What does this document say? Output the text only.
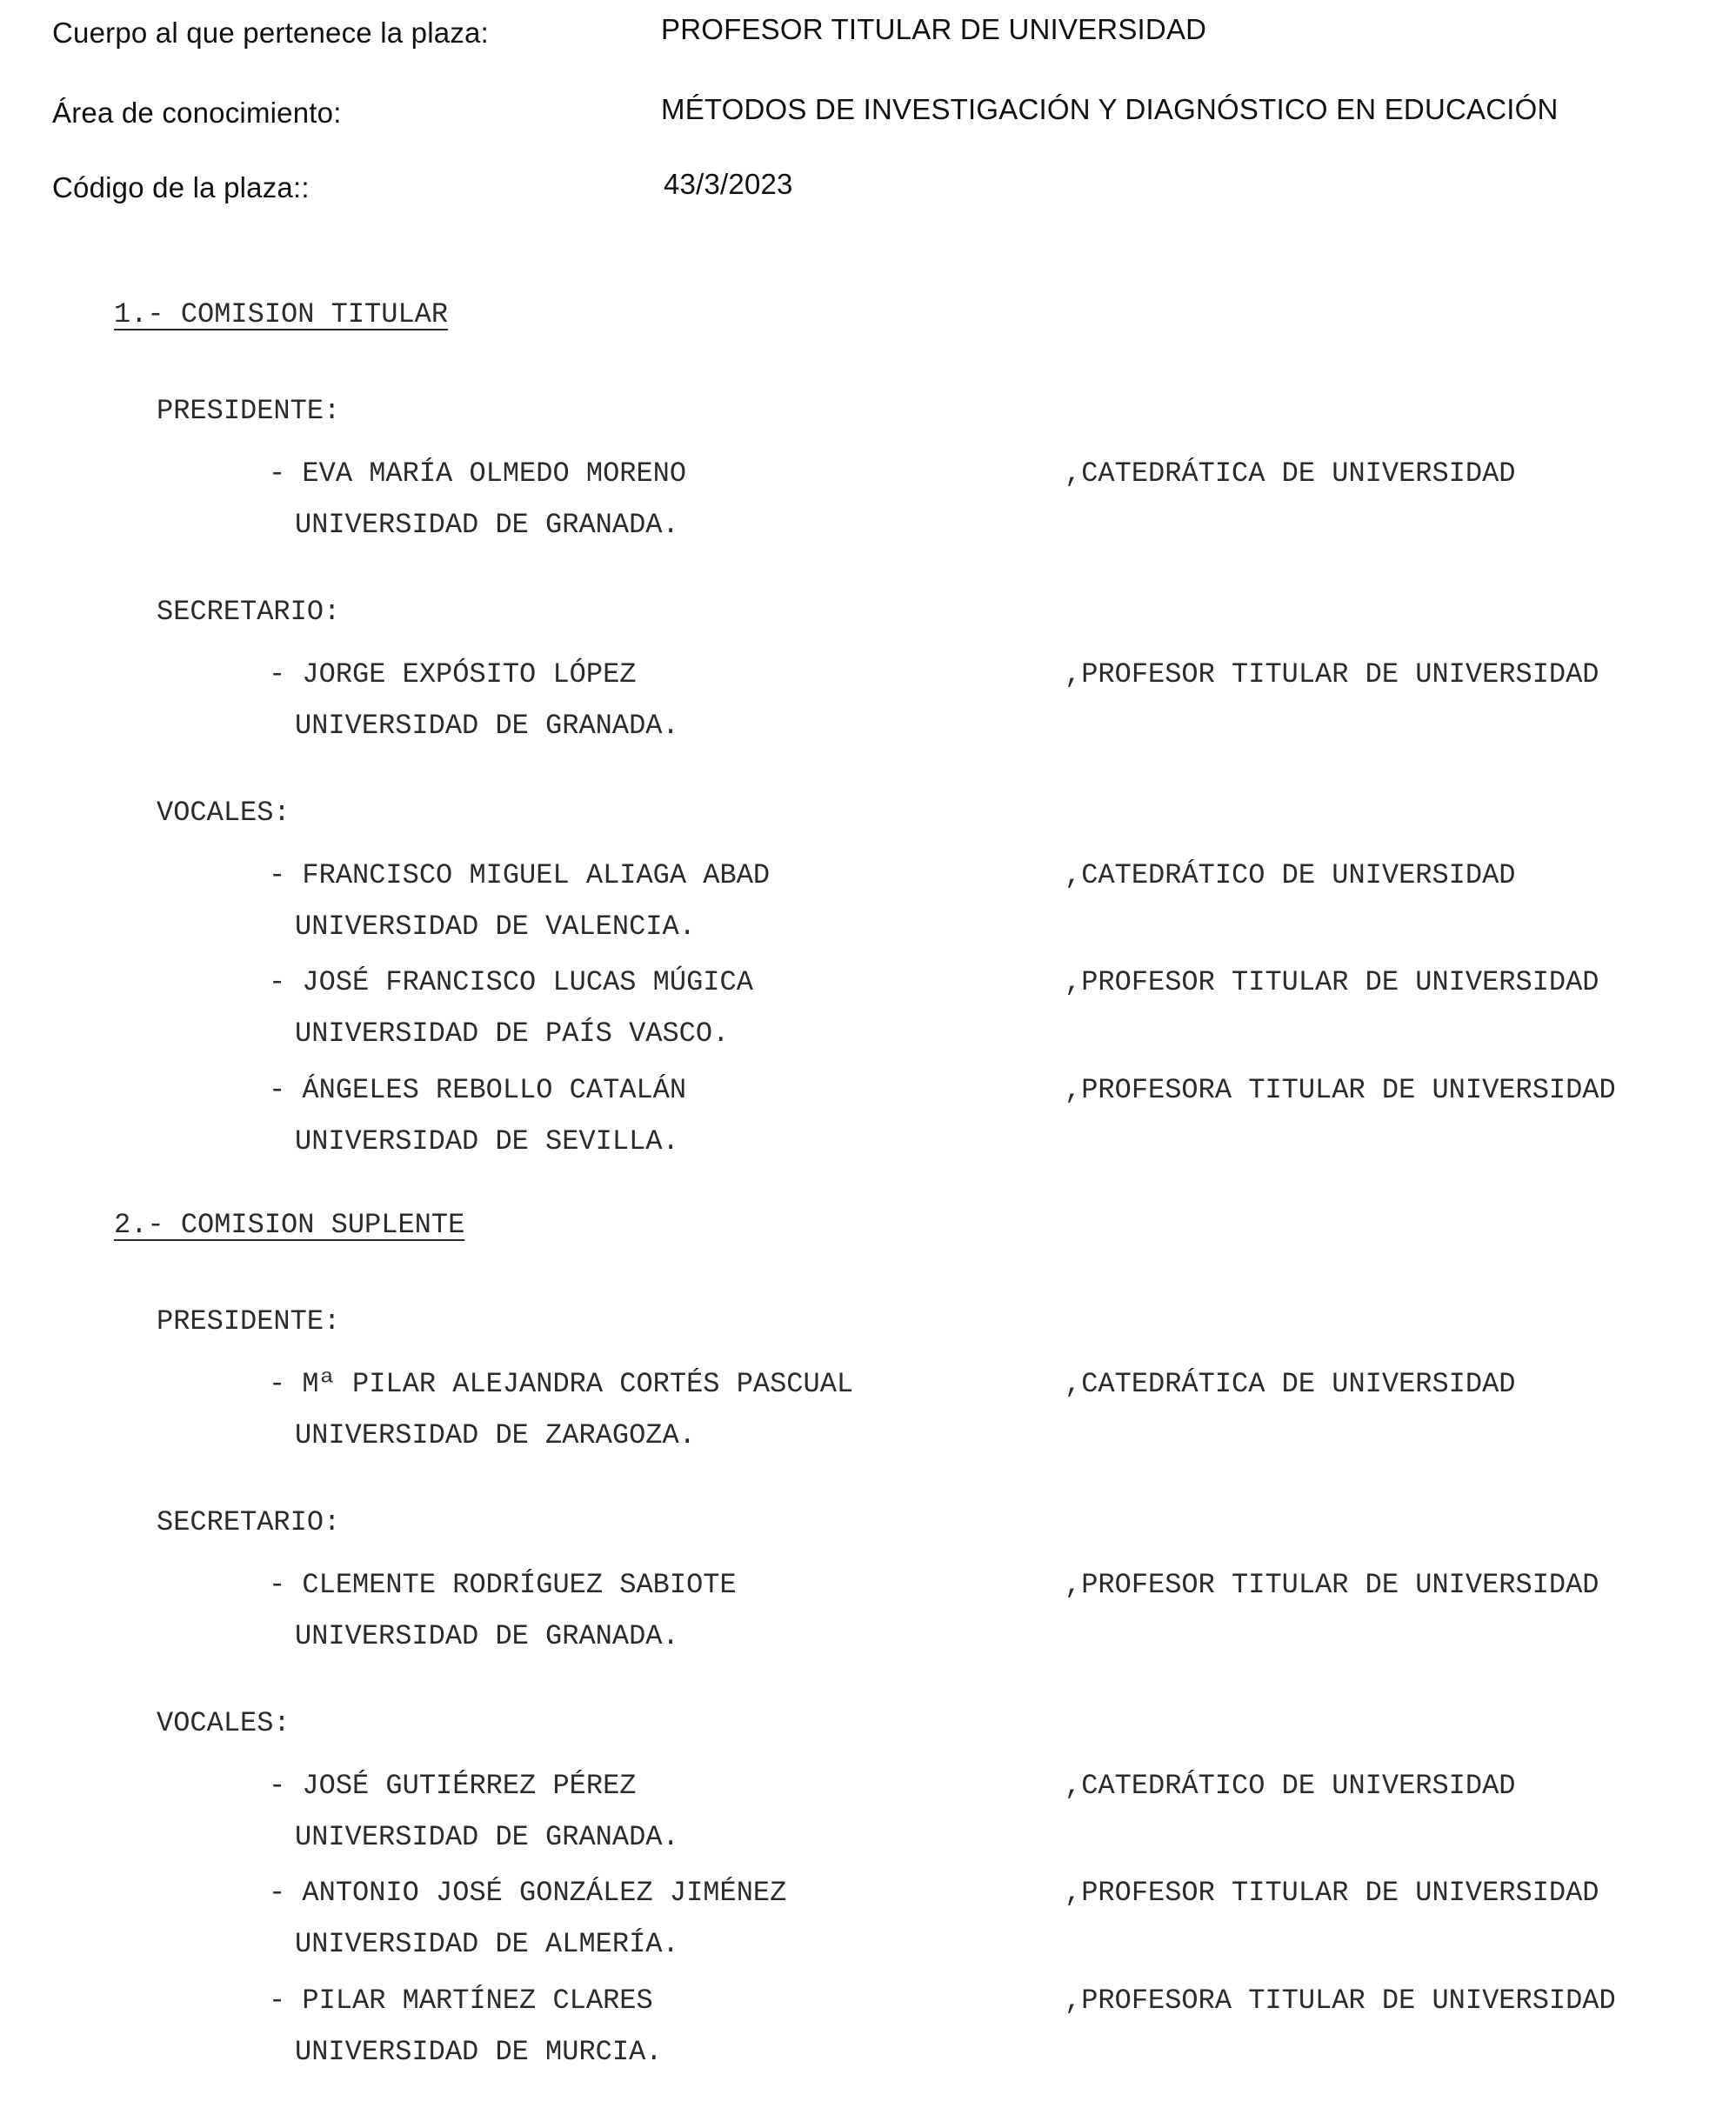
Cuerpo al que pertenece la plaza:	PROFESOR TITULAR DE UNIVERSIDAD
Área de conocimiento:	MÉTODOS DE INVESTIGACIÓN Y DIAGNÓSTICO EN EDUCACIÓN
Código de la plaza::	43/3/2023
1.- COMISION TITULAR
PRESIDENTE:
- EVA MARÍA OLMEDO MORENO	,CATEDRÁTICA DE UNIVERSIDAD
UNIVERSIDAD DE GRANADA.
SECRETARIO:
- JORGE EXPÓSITO LÓPEZ	,PROFESOR TITULAR DE UNIVERSIDAD
UNIVERSIDAD DE GRANADA.
VOCALES:
- FRANCISCO MIGUEL ALIAGA ABAD	,CATEDRÁTICO DE UNIVERSIDAD
UNIVERSIDAD DE VALENCIA.
- JOSÉ FRANCISCO LUCAS MÚGICA	,PROFESOR TITULAR DE UNIVERSIDAD
UNIVERSIDAD DE PAÍS VASCO.
- ÁNGELES REBOLLO CATALÁN	,PROFESORA TITULAR DE UNIVERSIDAD
UNIVERSIDAD DE SEVILLA.
2.- COMISION SUPLENTE
PRESIDENTE:
- Mª PILAR ALEJANDRA CORTÉS PASCUAL	,CATEDRÁTICA DE UNIVERSIDAD
UNIVERSIDAD DE ZARAGOZA.
SECRETARIO:
- CLEMENTE RODRÍGUEZ SABIOTE	,PROFESOR TITULAR DE UNIVERSIDAD
UNIVERSIDAD DE GRANADA.
VOCALES:
- JOSÉ GUTIÉRREZ PÉREZ	,CATEDRÁTICO DE UNIVERSIDAD
UNIVERSIDAD DE GRANADA.
- ANTONIO JOSÉ GONZÁLEZ JIMÉNEZ	,PROFESOR TITULAR DE UNIVERSIDAD
UNIVERSIDAD DE ALMERÍA.
- PILAR MARTÍNEZ CLARES	,PROFESORA TITULAR DE UNIVERSIDAD
UNIVERSIDAD DE MURCIA.
